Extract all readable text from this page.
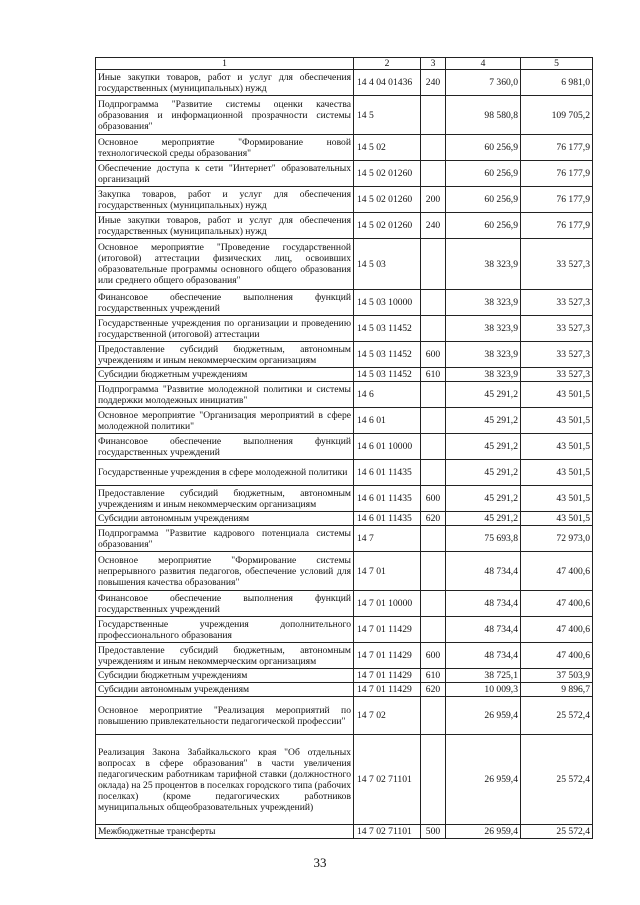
1	2	3	4	5
Иные закупки товаров, работ и услуг для обеспечения государственных (муниципальных) нужд	14 4 04 01436	240	7 360,0	6 981,0
Подпрограмма "Развитие системы оценки качества образования и информационной прозрачности системы образования"	14 5		98 580,8	109 705,2
Основное мероприятие "Формирование новой технологической среды образования"	14 5 02		60 256,9	76 177,9
Обеспечение доступа к сети "Интернет" образовательных организаций	14 5 02 01260		60 256,9	76 177,9
Закупка товаров, работ и услуг для обеспечения государственных (муниципальных) нужд	14 5 02 01260	200	60 256,9	76 177,9
Иные закупки товаров, работ и услуг для обеспечения государственных (муниципальных) нужд	14 5 02 01260	240	60 256,9	76 177,9
Основное мероприятие "Проведение государственной (итоговой) аттестации физических лиц, освоивших образовательные программы основного общего образования или среднего общего образования"	14 5 03		38 323,9	33 527,3
Финансовое обеспечение выполнения функций государственных учреждений	14 5 03 10000		38 323,9	33 527,3
Государственные учреждения по организации и проведению государственной (итоговой) аттестации	14 5 03 11452		38 323,9	33 527,3
Предоставление субсидий бюджетным, автономным учреждениям и иным некоммерческим организациям	14 5 03 11452	600	38 323,9	33 527,3
Субсидии бюджетным учреждениям	14 5 03 11452	610	38 323,9	33 527,3
Подпрограмма "Развитие молодежной политики и системы поддержки молодежных инициатив"	14 6		45 291,2	43 501,5
Основное мероприятие "Организация мероприятий в сфере молодежной политики"	14 6 01		45 291,2	43 501,5
Финансовое обеспечение выполнения функций государственных учреждений	14 6 01 10000		45 291,2	43 501,5
Государственные учреждения в сфере молодежной политики	14 6 01 11435		45 291,2	43 501,5
Предоставление субсидий бюджетным, автономным учреждениям и иным некоммерческим организациям	14 6 01 11435	600	45 291,2	43 501,5
Субсидии автономным учреждениям	14 6 01 11435	620	45 291,2	43 501,5
Подпрограмма "Развитие кадрового потенциала системы образования"	14 7		75 693,8	72 973,0
Основное мероприятие "Формирование системы непрерывного развития педагогов, обеспечение условий для повышения качества образования"	14 7 01		48 734,4	47 400,6
Финансовое обеспечение выполнения функций государственных учреждений	14 7 01 10000		48 734,4	47 400,6
Государственные учреждения дополнительного профессионального образования	14 7 01 11429		48 734,4	47 400,6
Предоставление субсидий бюджетным, автономным учреждениям и иным некоммерческим организациям	14 7 01 11429	600	48 734,4	47 400,6
Субсидии бюджетным учреждениям	14 7 01 11429	610	38 725,1	37 503,9
Субсидии автономным учреждениям	14 7 01 11429	620	10 009,3	9 896,7
Основное мероприятие "Реализация мероприятий по повышению привлекательности педагогической профессии"	14 7 02		26 959,4	25 572,4
Реализация Закона Забайкальского края "Об отдельных вопросах в сфере образования" в части увеличения педагогическим работникам тарифной ставки (должностного оклада) на 25 процентов в поселках городского типа (рабочих поселках) (кроме педагогических работников муниципальных общеобразовательных учреждений)	14 7 02 71101		26 959,4	25 572,4
Межбюджетные трансферты	14 7 02 71101	500	26 959,4	25 572,4
33
